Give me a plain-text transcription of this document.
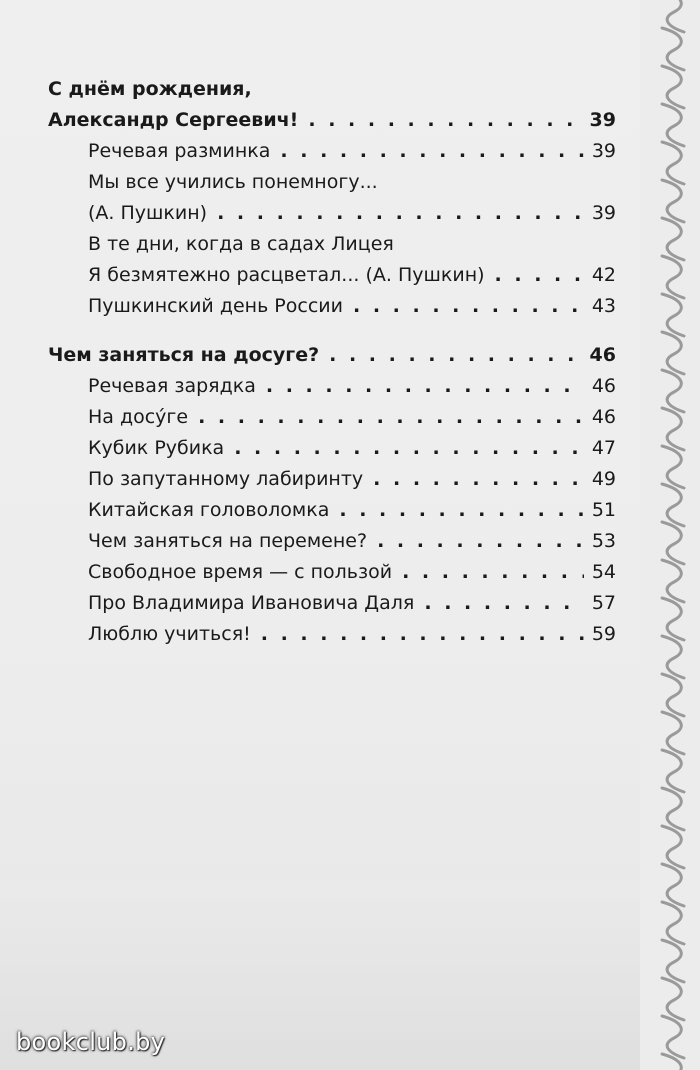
С днём рождения,
Александр Сергеевич! . . .	39
Речевая разминка . . .	39
Мы все учились понемногу...
(А. Пушкин) . . .	39
В те дни, когда в садах Лицея
Я безмятежно расцветал... (А. Пушкин) . . .	42
Пушкинский день России . . .	43
Чем заняться на досуге? . . .	46
Речевая зарядка . . .	46
На досу́ге . . .	46
Кубик Рубика . . .	47
По запутанному лабиринту . . .	49
Китайская головоломка . . .	51
Чем заняться на перемене? . . .	53
Свободное время — с пользой . . .	54
Про Владимира Ивановича Даля . . .	57
Люблю учиться! . . .	59
bookclub.by
